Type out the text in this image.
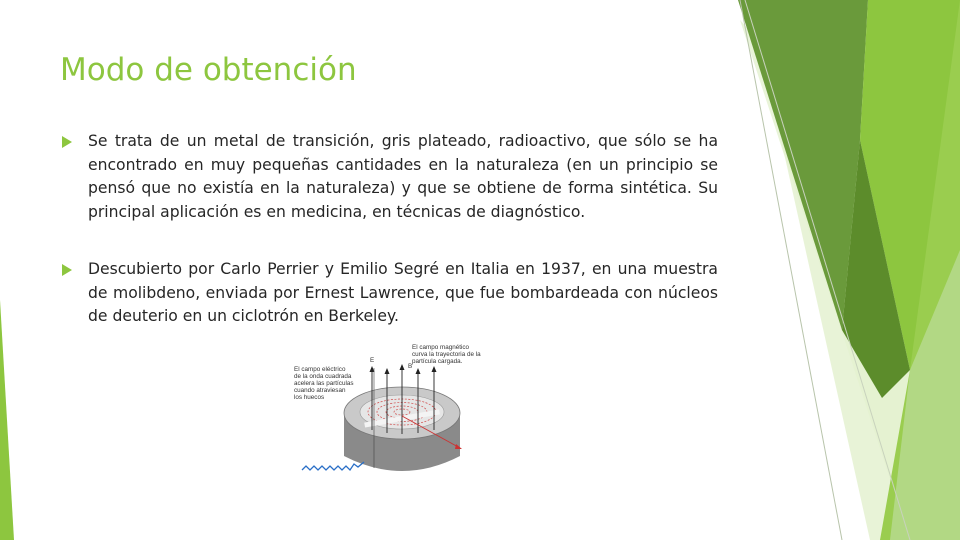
Modo de obtención
Se trata de un metal de transición, gris plateado, radioactivo, que sólo se ha encontrado en muy pequeñas cantidades en la naturaleza (en un principio se pensó que no existía en la naturaleza) y que se obtiene de forma sintética. Su principal aplicación es en medicina, en técnicas de diagnóstico.
Descubierto por Carlo Perrier y Emilio Segré en Italia en 1937, en una muestra de molibdeno, enviada por Ernest Lawrence, que fue bombardeada con núcleos de deuterio en un ciclotrón en Berkeley.
El campo eléctrico
de la onda cuadrada
acelera las partículas
cuando atraviesan
los huecos
El campo magnético
curva la trayectoria de la
partícula cargada.
E
B
